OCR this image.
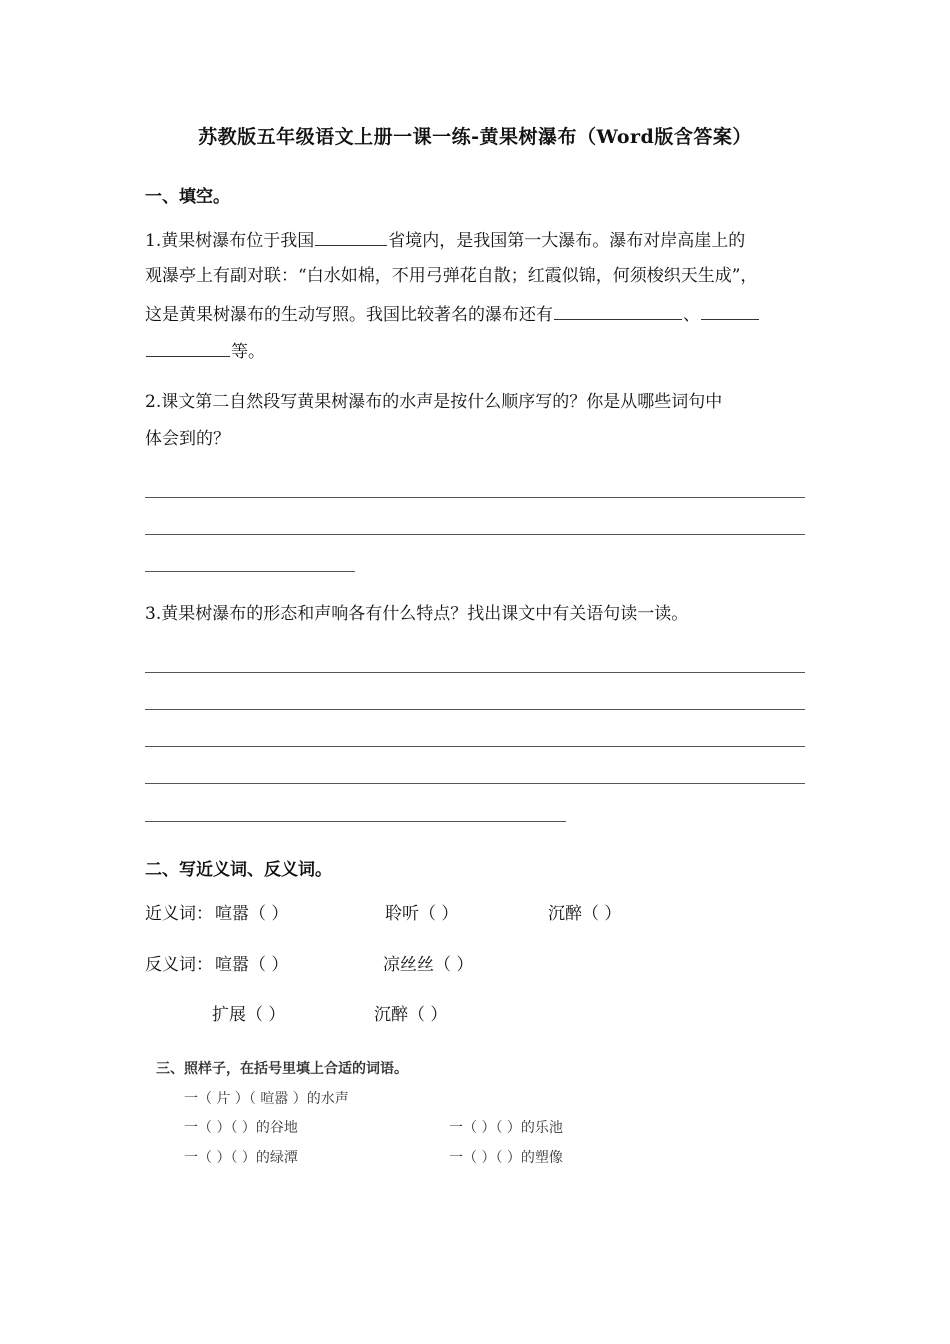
苏教版五年级语文上册一课一练-黄果树瀑布（Word版含答案）
一、填空。
1.黄果树瀑布位于我国	省境内，是我国第一大瀑布。瀑布对岸高崖上的
观瀑亭上有副对联：“白水如棉，不用弓弹花自散；红霞似锦，何须梭织天生成”，
这是黄果树瀑布的生动写照。我国比较著名的瀑布还有	、
等。
2.课文第二自然段写黄果树瀑布的水声是按什么顺序写的？你是从哪些词句中
体会到的？
3.黄果树瀑布的形态和声响各有什么特点？找出课文中有关语句读一读。
二、写近义词、反义词。
近义词： 喧嚣（ ）	聆听（ ）	沉醉（ ）
反义词： 喧嚣（ ）	凉丝丝（ ）
扩展（ ）	沉醉（ ）
三、照样子，在括号里填上合适的词语。
一（ 片 ）（ 喧嚣 ）的水声
一（ ）（ ）的谷地	一（ ）（ ）的乐池
一（ ）（ ）的绿潭	一（ ）（ ）的塑像
